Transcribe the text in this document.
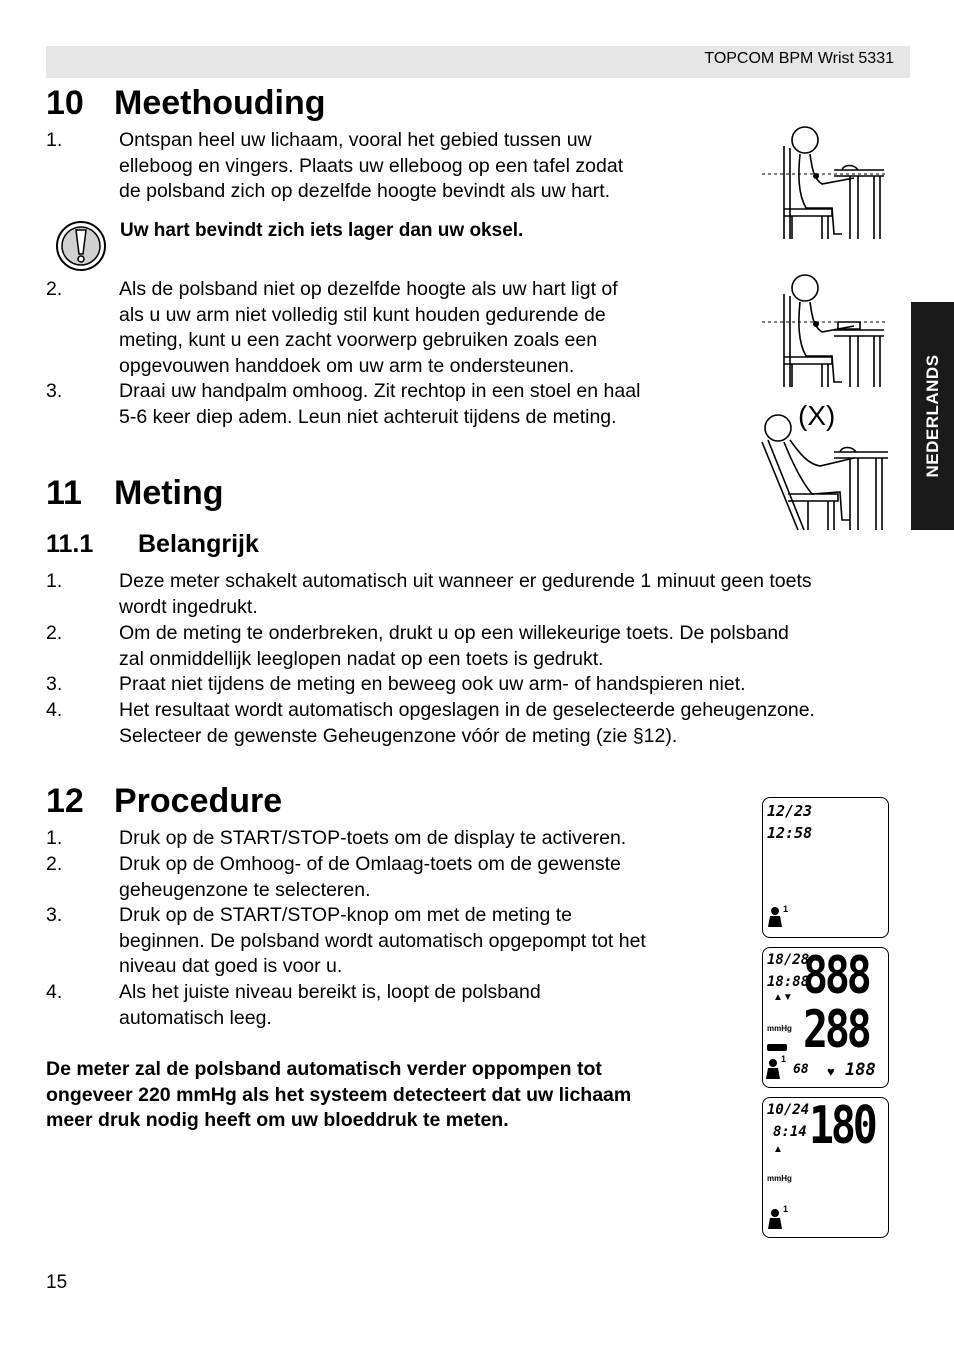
TOPCOM BPM Wrist 5331
NEDERLANDS
10 Meethouding
1.	Ontspan heel uw lichaam, vooral het gebied tussen uw
elleboog en vingers. Plaats uw elleboog op een tafel zodat
de polsband zich op dezelfde hoogte bevindt als uw hart.
Uw hart bevindt zich iets lager dan uw oksel.
2.	Als de polsband niet op dezelfde hoogte als uw hart ligt of
als u uw arm niet volledig stil kunt houden gedurende de
meting, kunt u een zacht voorwerp gebruiken zoals een
opgevouwen handdoek om uw arm te ondersteunen.
3.	Draai uw handpalm omhoog. Zit rechtop in een stoel en haal
5-6 keer diep adem. Leun niet achteruit tijdens de meting.	(X)
11 Meting
11.1 Belangrijk
1.	Deze meter schakelt automatisch uit wanneer er gedurende 1 minuut geen toets
wordt ingedrukt.
2.	Om de meting te onderbreken, drukt u op een willekeurige toets. De polsband
zal onmiddellijk leeglopen nadat op een toets is gedrukt.
3.	Praat niet tijdens de meting en beweeg ook uw arm- of handspieren niet.
4.	Het resultaat wordt automatisch opgeslagen in de geselecteerde geheugenzone.
Selecteer de gewenste Geheugenzone vóór de meting (zie §12).
12 Procedure
1.	Druk op de START/STOP-toets om de display te activeren.
2.	Druk op de Omhoog- of de Omlaag-toets om de gewenste
geheugenzone te selecteren.
3.	Druk op de START/STOP-knop om met de meting te
beginnen. De polsband wordt automatisch opgepompt tot het
niveau dat goed is voor u.
4.	Als het juiste niveau bereikt is, loopt de polsband
automatisch leeg.
De meter zal de polsband automatisch verder oppompen tot
ongeveer 220 mmHg als het systeem detecteert dat uw lichaam
meer druk nodig heeft om uw bloeddruk te meten.
12/23
12:58
1
18/28
18:88
▲▼ 888
mmHg 288
1
68 ♥ 188
10/24
8:14
▲ 180
mmHg
1
15
